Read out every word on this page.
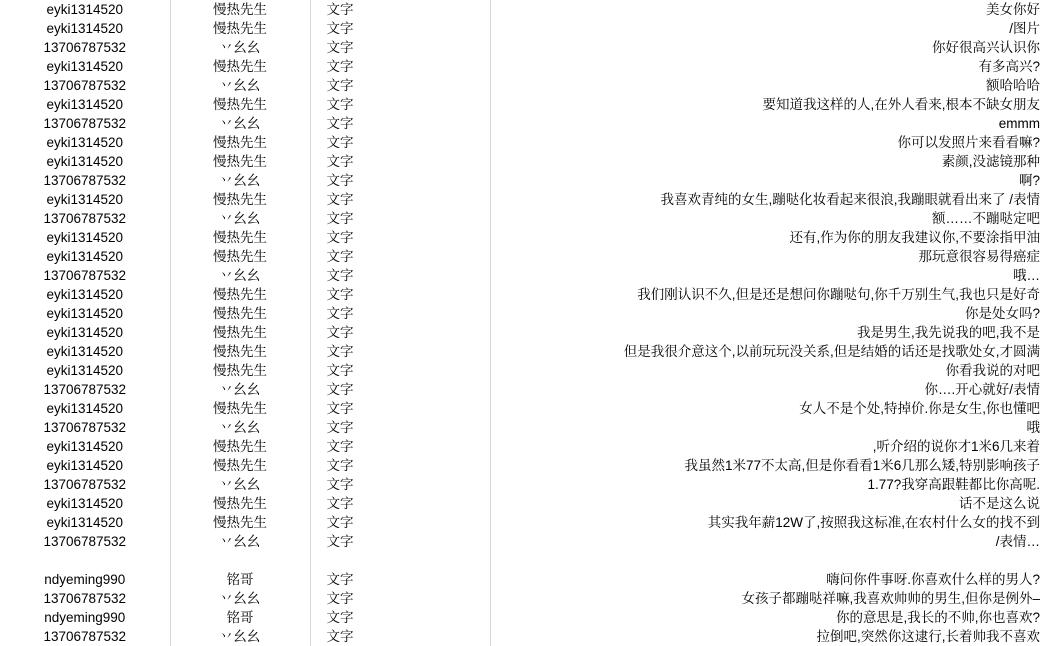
eyki1314520	慢热先生	文字	美女你好
eyki1314520	慢热先生	文字	/图片
13706787532	丷幺幺	文字	你好很高兴认识你
eyki1314520	慢热先生	文字	有多高兴?
13706787532	丷幺幺	文字	额哈哈哈
eyki1314520	慢热先生	文字	要知道我这样的人,在外人看来,根本不缺女朋友
13706787532	丷幺幺	文字	emmm
eyki1314520	慢热先生	文字	你可以发照片来看看嘛?
eyki1314520	慢热先生	文字	素颜,没滤镜那种
13706787532	丷幺幺	文字	啊?
eyki1314520	慢热先生	文字	我喜欢青纯的女生,蹦哒化妆看起来很浪,我蹦眼就看出来了 /表情
13706787532	丷幺幺	文字	额……不蹦哒定吧
eyki1314520	慢热先生	文字	还有,作为你的朋友我建议你,不要涂指甲油
eyki1314520	慢热先生	文字	那玩意很容易得癌症
13706787532	丷幺幺	文字	哦…
eyki1314520	慢热先生	文字	我们刚认识不久,但是还是想问你蹦哒句,你千万别生气,我也只是好奇
eyki1314520	慢热先生	文字	你是处女吗?
eyki1314520	慢热先生	文字	我是男生,我先说我的吧,我不是
eyki1314520	慢热先生	文字	但是我很介意这个,以前玩玩没关系,但是结婚的话还是找歌处女,才圆满
eyki1314520	慢热先生	文字	你看我说的对吧
13706787532	丷幺幺	文字	你….开心就好/表情
eyki1314520	慢热先生	文字	女人不是个处,特掉价.你是女生,你也懂吧
13706787532	丷幺幺	文字	哦
eyki1314520	慢热先生	文字	,听介绍的说你才1米6几来着
eyki1314520	慢热先生	文字	我虽然1米77不太高,但是你看看1米6几那么矮,特别影响孩子
13706787532	丷幺幺	文字	1.77?我穿高跟鞋都比你高呢.
eyki1314520	慢热先生	文字	话不是这么说
eyki1314520	慢热先生	文字	其实我年薪12W了,按照我这标准,在农村什么女的找不到
13706787532	丷幺幺	文字	/表情…

ndyeming990	铭哥	文字	嗨问你件事呀.你喜欢什么样的男人?
13706787532	丷幺幺	文字	女孩子都蹦哒祥嘛,我喜欢帅帅的男生,但你是例外–
ndyeming990	铭哥	文字	你的意思是,我长的不帅,你也喜欢?
13706787532	丷幺幺	文字	拉倒吧,突然你这逮行,长着帅我不喜欢
